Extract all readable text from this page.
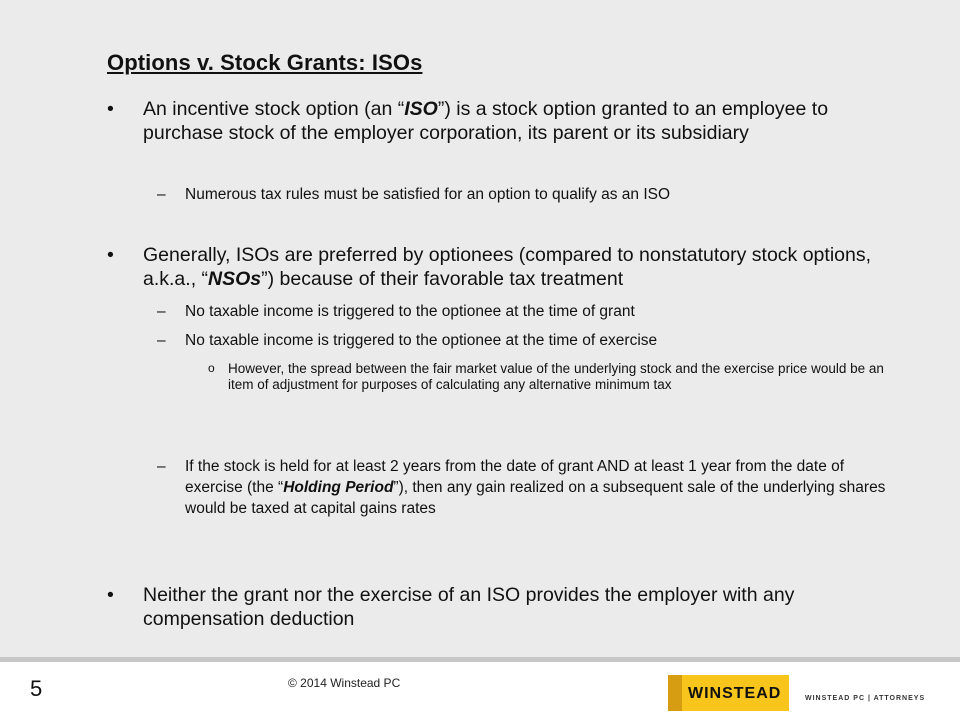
Options v. Stock Grants: ISOs
• An incentive stock option (an “ISO”) is a stock option granted to an employee to purchase stock of the employer corporation, its parent or its subsidiary
– Numerous tax rules must be satisfied for an option to qualify as an ISO
• Generally, ISOs are preferred by optionees (compared to nonstatutory stock options, a.k.a., “NSOs”) because of their favorable tax treatment
– No taxable income is triggered to the optionee at the time of grant
– No taxable income is triggered to the optionee at the time of exercise
o However, the spread between the fair market value of the underlying stock and the exercise price would be an item of adjustment for purposes of calculating any alternative minimum tax
– If the stock is held for at least 2 years from the date of grant AND at least 1 year from the date of exercise (the “Holding Period”), then any gain realized on a subsequent sale of the underlying shares would be taxed at capital gains rates
• Neither the grant nor the exercise of an ISO provides the employer with any compensation deduction
5	© 2014 Winstead PC
WINSTEAD	WINSTEAD PC | ATTORNEYS
